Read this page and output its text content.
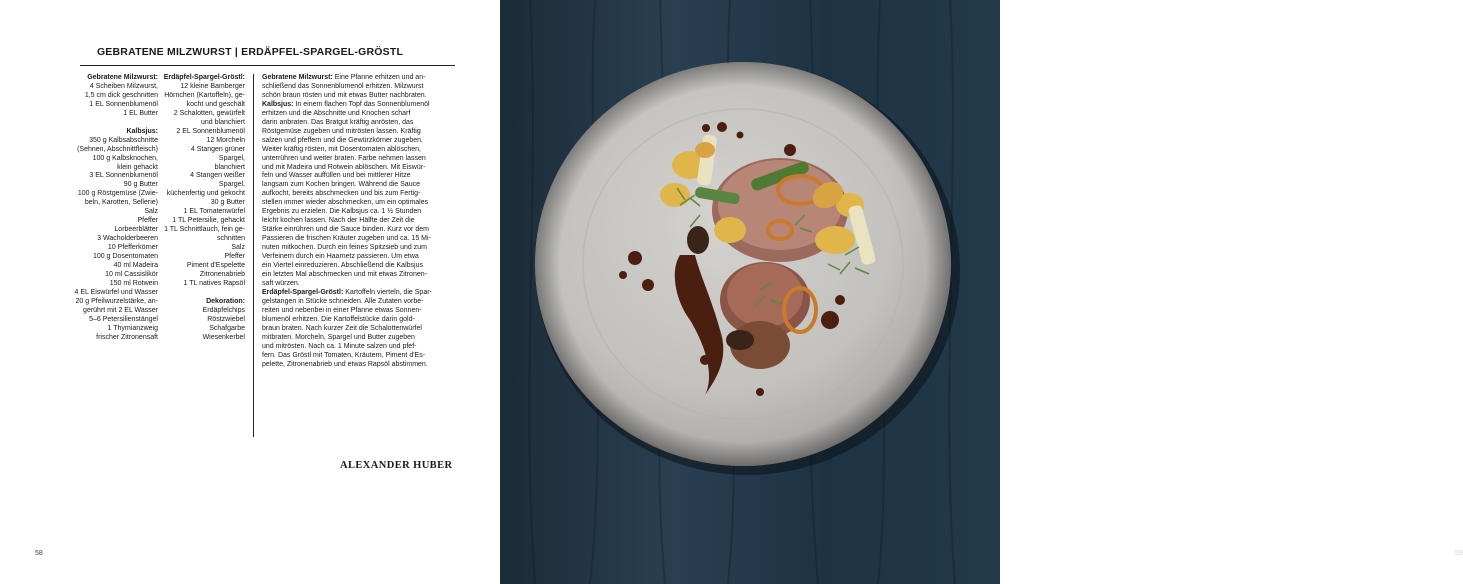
GEBRATENE MILZWURST | ERDÄPFEL-SPARGEL-GRÖSTL
Gebratene Milzwurst:
4 Scheiben Milzwurst,
1,5 cm dick geschnitten
1 EL Sonnenblumenöl
1 EL Butter
Kalbsjus:
350 g Kalbsabschnitte
(Sehnen, Abschnittfleisch)
100 g Kalbsknochen,
klein gehackt
3 EL Sonnenblumenöl
90 g Butter
100 g Röstgemüse (Zwie-
beln, Karotten, Sellerie)
Salz
Pfeffer
Lorbeerblätter
3 Wacholderbeeren
10 Pfefferkörner
100 g Dosentomaten
40 ml Madeira
10 ml Cassislikör
150 ml Rotwein
4 EL Eiswürfel und Wasser
20 g Pfeilwurzelstärke, an-
gerührt mit 2 EL Wasser
5–6 Petersilienstängel
1 Thymianzweig
frischer Zitronensaft
Erdäpfel-Spargel-Gröstl:
12 kleine Bamberger
Hörnchen (Kartoffeln), ge-
kocht und geschält
2 Schalotten, gewürfelt
und blanchiert
2 EL Sonnenblumenöl
12 Morcheln
4 Stangen grüner Spargel,
blanchiert
4 Stangen weißer Spargel,
küchenfertig und gekocht
30 g Butter
1 EL Tomatenwürfel
1 TL Petersilie, gehackt
1 TL Schnittlauch, fein ge-
schnitten
Salz
Pfeffer
Piment d'Espelette
Zitronenabrieb
1 TL natives Rapsöl
Dekoration:
Erdäpfelchips
Röstzwiebel
Schafgarbe
Wiesenkerbel
Gebratene Milzwurst: Eine Pfanne erhitzen und an-
schließend das Sonnenblumenöl erhitzen. Milzwurst
schön braun rösten und mit etwas Butter nachbraten.
Kalbsjus: In einem flachen Topf das Sonnenblumenöl
erhitzen und die Abschnitte und Knochen scharf
darin anbraten. Das Bratgut kräftig anrösten, das
Röstgemüse zugeben und mitrösten lassen. Kräftig
salzen und pfeffern und die Gewürzkörner zugeben.
Weiter kräftig rösten, mit Dosentomaten ablöschen,
unterrühren und weiter braten. Farbe nehmen lassen
und mit Madeira und Rotwein ablöschen. Mit Eiswür-
feln und Wasser auffüllen und bei mittlerer Hitze
langsam zum Kochen bringen. Während die Sauce
aufkocht, bereits abschmecken und bis zum Fertig-
stellen immer wieder abschmecken, um ein optimales
Ergebnis zu erzielen. Die Kalbsjus ca. 1 ½ Stunden
leicht kochen lassen. Nach der Hälfte der Zeit die
Stärke einrühren und die Sauce binden. Kurz vor dem
Passieren die frischen Kräuter zugeben und ca. 15 Mi-
nuten mitkochen. Durch ein feines Spitzsieb und zum
Verfeinern durch ein Haarnetz passieren. Um etwa
ein Viertel einreduzieren. Abschließend die Kalbsjus
ein letztes Mal abschmecken und mit etwas Zitronen-
saft würzen.
Erdäpfel-Spargel-Gröstl: Kartoffeln vierteln, die Spar-
gelstangen in Stücke schneiden. Alle Zutaten vorbe-
reiten und nebenbei in einer Pfanne etwas Sonnen-
blumenöl erhitzen. Die Kartoffelstücke darin gold-
braun braten. Nach kurzer Zeit die Schalottenwürfel
mitbraten. Morcheln, Spargel und Butter zugeben
und mitrösten. Nach ca. 1 Minute salzen und pfef-
fern. Das Gröstl mit Tomaten, Kräutern, Piment d'Es-
pelette, Zitronenabrieb und etwas Rapsöl abstimmen.
ALEXANDER HUBER
58	59
